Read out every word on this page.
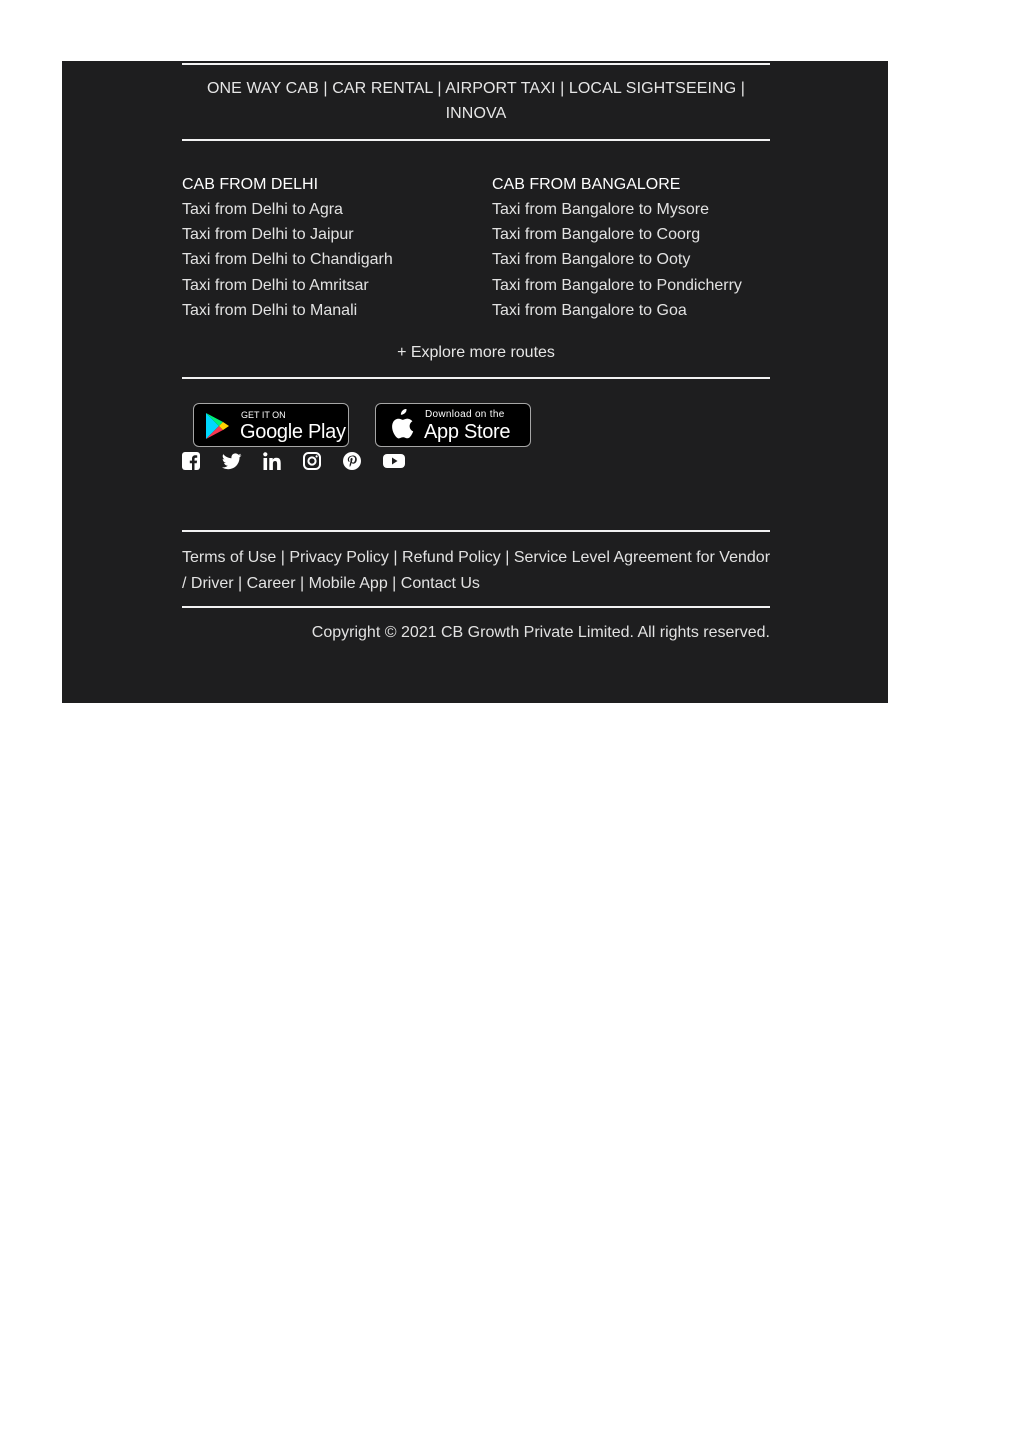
ONE WAY CAB | CAR RENTAL | AIRPORT TAXI | LOCAL SIGHTSEEING |
INNOVA
CAB FROM DELHI
Taxi from Delhi to Agra
Taxi from Delhi to Jaipur
Taxi from Delhi to Chandigarh
Taxi from Delhi to Amritsar
Taxi from Delhi to Manali
CAB FROM BANGALORE
Taxi from Bangalore to Mysore
Taxi from Bangalore to Coorg
Taxi from Bangalore to Ooty
Taxi from Bangalore to Pondicherry
Taxi from Bangalore to Goa
+ Explore more routes
GET IT ON
Google Play
Download on the
App Store
Terms of Use | Privacy Policy | Refund Policy | Service Level Agreement for Vendor / Driver | Career | Mobile App | Contact Us
Copyright © 2021 CB Growth Private Limited. All rights reserved.
